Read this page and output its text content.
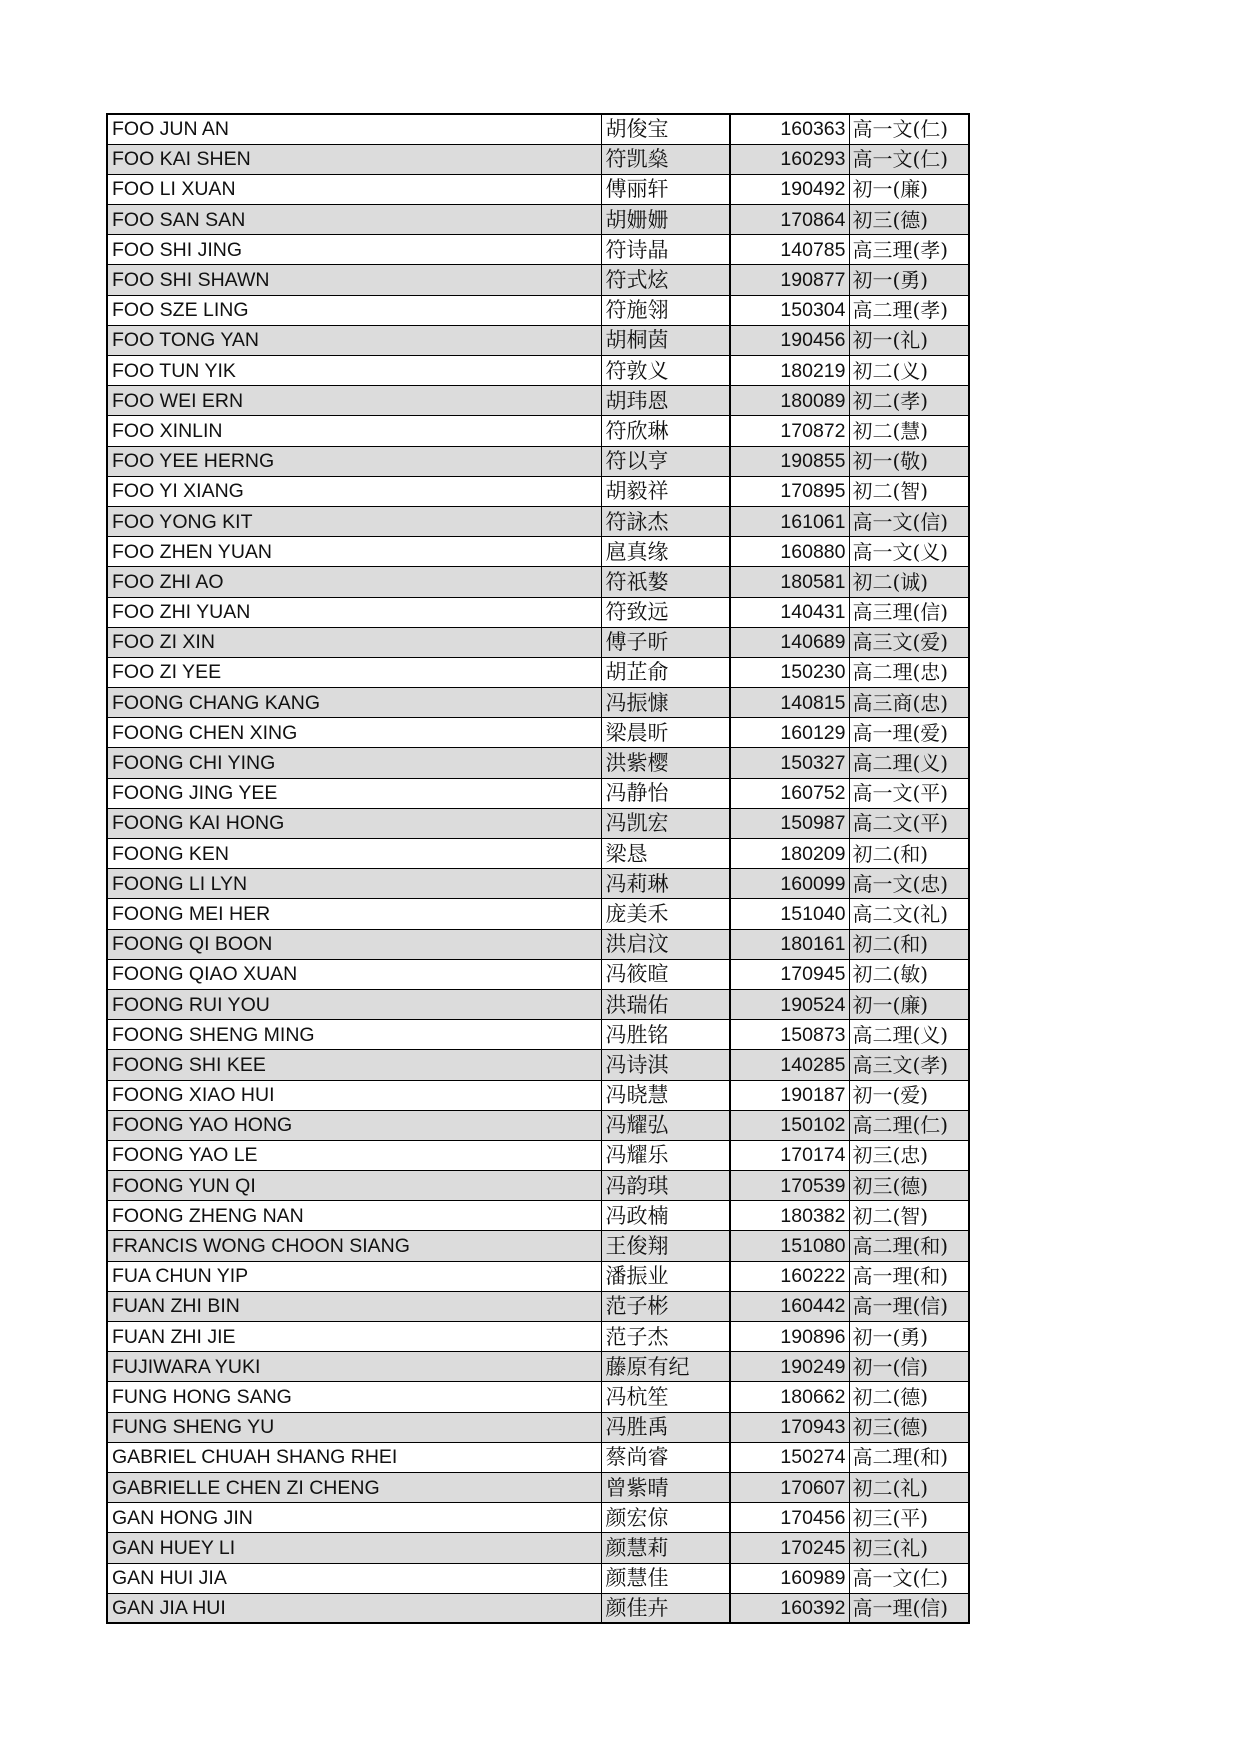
FOO JUN AN	胡俊宝	160363	高一文(仁)
FOO KAI SHEN	符凯燊	160293	高一文(仁)
FOO LI XUAN	傅丽轩	190492	初一(廉)
FOO SAN SAN	胡姗姗	170864	初三(德)
FOO SHI JING	符诗晶	140785	高三理(孝)
FOO SHI SHAWN	符式炫	190877	初一(勇)
FOO SZE LING	符施翎	150304	高二理(孝)
FOO TONG YAN	胡桐茵	190456	初一(礼)
FOO TUN YIK	符敦义	180219	初二(义)
FOO WEI ERN	胡玮恩	180089	初二(孝)
FOO XINLIN	符欣琳	170872	初二(慧)
FOO YEE HERNG	符以亨	190855	初一(敬)
FOO YI XIANG	胡毅祥	170895	初二(智)
FOO YONG KIT	符詠杰	161061	高一文(信)
FOO ZHEN YUAN	扈真缘	160880	高一文(义)
FOO ZHI AO	符祇嫯	180581	初二(诚)
FOO ZHI YUAN	符致远	140431	高三理(信)
FOO ZI XIN	傅子昕	140689	高三文(爱)
FOO ZI YEE	胡芷俞	150230	高二理(忠)
FOONG CHANG KANG	冯振慷	140815	高三商(忠)
FOONG CHEN XING	梁晨昕	160129	高一理(爱)
FOONG CHI YING	洪紫樱	150327	高二理(义)
FOONG JING YEE	冯静怡	160752	高一文(平)
FOONG KAI HONG	冯凯宏	150987	高二文(平)
FOONG KEN	梁恳	180209	初二(和)
FOONG LI LYN	冯莉琳	160099	高一文(忠)
FOONG MEI HER	庞美禾	151040	高二文(礼)
FOONG QI BOON	洪启汶	180161	初二(和)
FOONG QIAO XUAN	冯筱暄	170945	初二(敏)
FOONG RUI YOU	洪瑞佑	190524	初一(廉)
FOONG SHENG MING	冯胜铭	150873	高二理(义)
FOONG SHI KEE	冯诗淇	140285	高三文(孝)
FOONG XIAO HUI	冯晓慧	190187	初一(爱)
FOONG YAO HONG	冯耀弘	150102	高二理(仁)
FOONG YAO LE	冯耀乐	170174	初三(忠)
FOONG YUN QI	冯韵琪	170539	初三(德)
FOONG ZHENG NAN	冯政楠	180382	初二(智)
FRANCIS WONG CHOON SIANG	王俊翔	151080	高二理(和)
FUA CHUN YIP	潘振业	160222	高一理(和)
FUAN ZHI BIN	范子彬	160442	高一理(信)
FUAN ZHI JIE	范子杰	190896	初一(勇)
FUJIWARA YUKI	藤原有纪	190249	初一(信)
FUNG HONG SANG	冯杭笙	180662	初二(德)
FUNG SHENG YU	冯胜禹	170943	初三(德)
GABRIEL CHUAH SHANG RHEI	蔡尚睿	150274	高二理(和)
GABRIELLE CHEN ZI CHENG	曾紫晴	170607	初二(礼)
GAN HONG JIN	颜宏倞	170456	初三(平)
GAN HUEY LI	颜慧莉	170245	初三(礼)
GAN HUI JIA	颜慧佳	160989	高一文(仁)
GAN JIA HUI	颜佳卉	160392	高一理(信)
